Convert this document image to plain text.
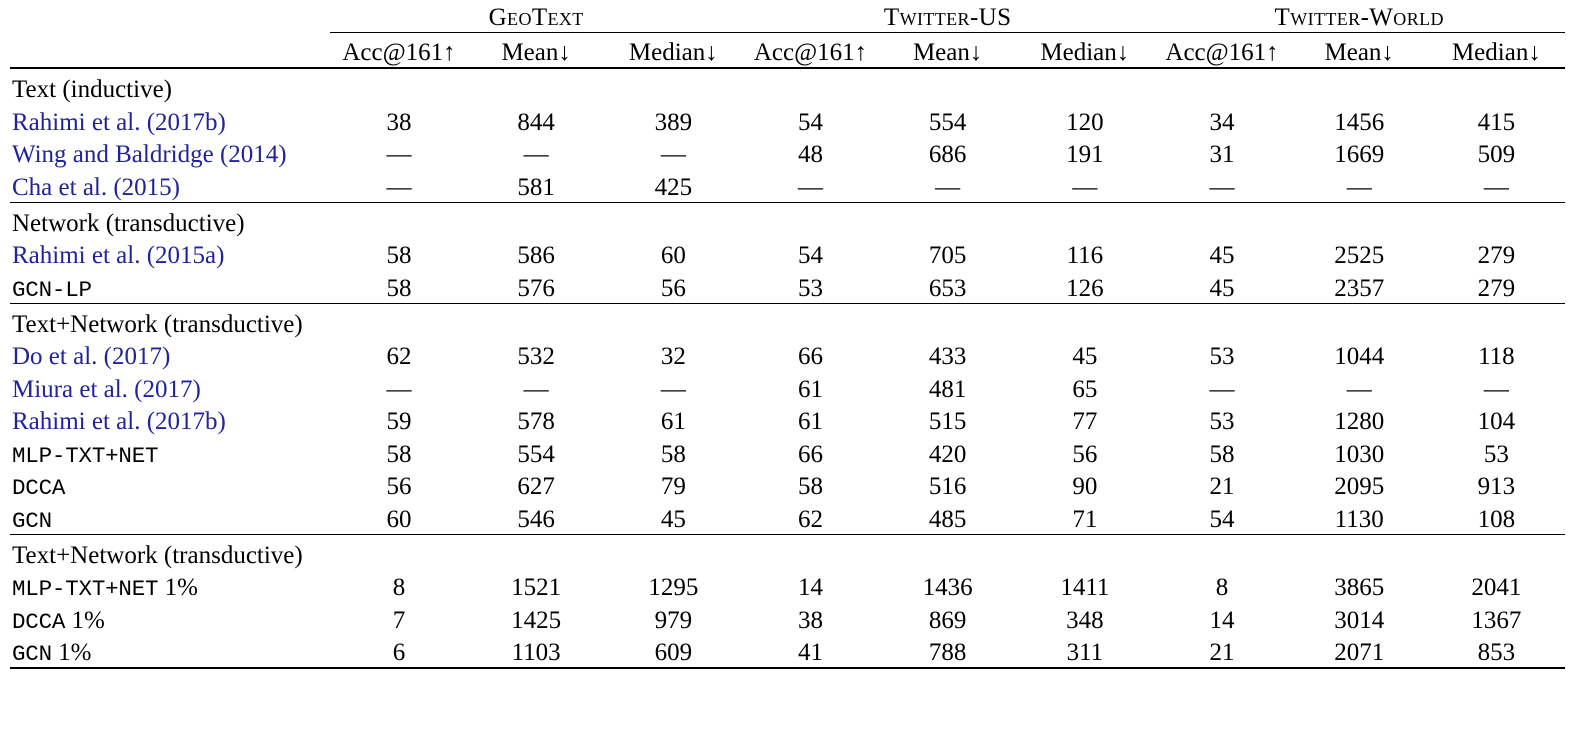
	GeoText			Twitter-US			Twitter-World		
	Acc@161↑	Mean↓	Median↓	Acc@161↑	Mean↓	Median↓	Acc@161↑	Mean↓	Median↓

Text (inductive)									
Rahimi et al. (2017b)	38	844	389	54	554	120	34	1456	415
Wing and Baldridge (2014)	—	—	—	48	686	191	31	1669	509
Cha et al. (2015)	—	581	425	—	—	—	—	—	—

Network (transductive)									
Rahimi et al. (2015a)	58	586	60	54	705	116	45	2525	279
GCN-LP	58	576	56	53	653	126	45	2357	279

Text+Network (transductive)									
Do et al. (2017)	62	532	32	66	433	45	53	1044	118
Miura et al. (2017)	—	—	—	61	481	65	—	—	—
Rahimi et al. (2017b)	59	578	61	61	515	77	53	1280	104
MLP-TXT+NET	58	554	58	66	420	56	58	1030	53
DCCA	56	627	79	58	516	90	21	2095	913
GCN	60	546	45	62	485	71	54	1130	108

Text+Network (transductive)									
MLP-TXT+NET 1%	8	1521	1295	14	1436	1411	8	3865	2041
DCCA 1%	7	1425	979	38	869	348	14	3014	1367
GCN 1%	6	1103	609	41	788	311	21	2071	853
